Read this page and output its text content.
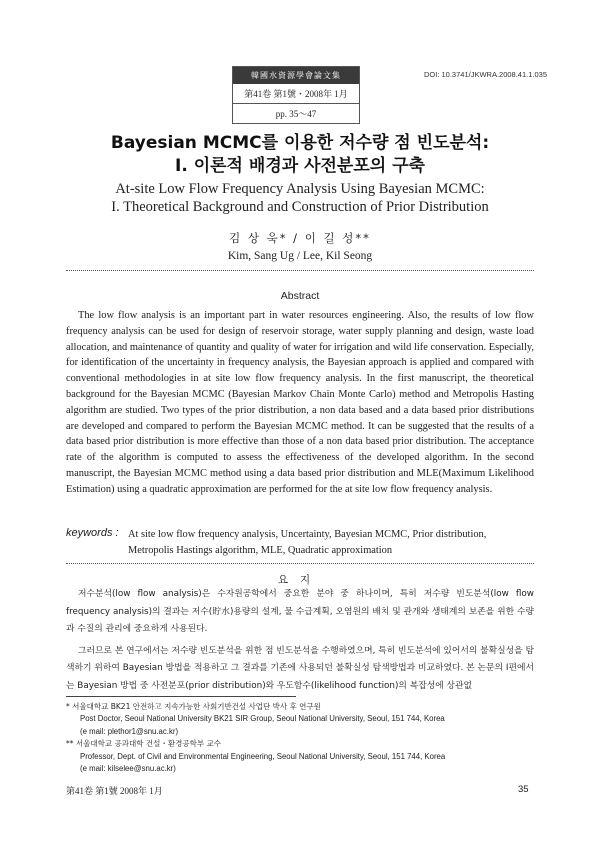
韓國水資源學會論文集
第41卷 第1號・2008年 1月
pp. 35～47
DOI: 10.3741/JKWRA.2008.41.1.035
Bayesian MCMC를 이용한 저수량 점 빈도분석:
Ⅰ. 이론적 배경과 사전분포의 구축
At-site Low Flow Frequency Analysis Using Bayesian MCMC:
I. Theoretical Background and Construction of Prior Distribution
김 상 욱* / 이 길 성**
Kim, Sang Ug / Lee, Kil Seong
Abstract

The low flow analysis is an important part in water resources engineering. Also, the results of low flow frequency analysis can be used for design of reservoir storage, water supply planning and design, waste load allocation, and maintenance of quantity and quality of water for irrigation and wild life conservation. Especially, for identification of the uncertainty in frequency analysis, the Bayesian approach is applied and compared with conventional methodologies in at site low flow frequency analysis. In the first manuscript, the theoretical background for the Bayesian MCMC (Bayesian Markov Chain Monte Carlo) method and Metropolis Hasting algorithm are studied. Two types of the prior distribution, a non data based and a data based prior distributions are developed and compared to perform the Bayesian MCMC method. It can be suggested that the results of a data based prior distribution is more effective than those of a non data based prior distribution. The acceptance rate of the algorithm is computed to assess the effectiveness of the developed algorithm. In the second manuscript, the Bayesian MCMC method using a data based prior distribution and MLE(Maximum Likelihood Estimation) using a quadratic approximation are performed for the at site low flow frequency analysis.

keywords : At site low flow frequency analysis, Uncertainty, Bayesian MCMC, Prior distribution, Metropolis Hastings algorithm, MLE, Quadratic approximation
요지

저수분석(low flow analysis)은 수자원공학에서 중요한 분야 중 하나이며, 특히 저수량 빈도분석(low flow frequency analysis)의 결과는 저수(貯水)용량의 설계, 물 수급계획, 오염원의 배치 및 관개와 생태계의 보존을 위한 수량과 수질의 관리에 중요하게 사용된다.

그러므로 본 연구에서는 저수량 빈도분석을 위한 점 빈도분석을 수행하였으며, 특히 빈도분석에 있어서의 불확실성을 탐색하기 위하여 Bayesian 방법을 적용하고 그 결과를 기존에 사용되던 불확실성 탐색방법과 비교하였다. 본 논문의 Ⅰ편에서는 Bayesian 방법 중 사전분포(prior distribution)와 우도함수(likelihood function)의 복잡성에 상관없

* 서울대학교 BK21 안전하고 지속가능한 사회기반건설 사업단 박사 후 연구원
Post Doctor, Seoul National University BK21 SIR Group, Seoul National University, Seoul, 151 744, Korea
(e mail: plethor1@snu.ac.kr)
** 서울대학교 공과대학 건설・환경공학부 교수
Professor, Dept. of Civil and Environmental Engineering, Seoul National University, Seoul, 151 744, Korea
(e mail: kilselee@snu.ac.kr)
第41卷 第1號 2008年 1月	35
